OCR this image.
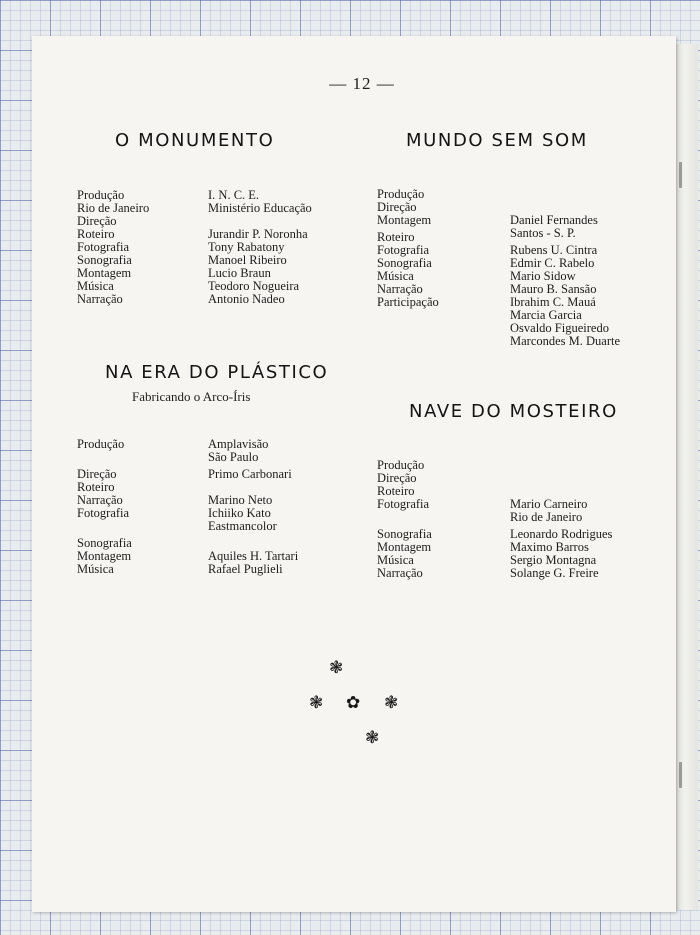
— 12 —
O MONUMENTO
Produção
Rio de Janeiro
Direção
Roteiro
Fotografia
Sonografia
Montagem
Música
Narração
I. N. C. E.
Ministério Educação
Jurandir P. Noronha
Tony Rabatony
Manoel Ribeiro
Lucio Braun
Teodoro Nogueira
Antonio Nadeo
MUNDO SEM SOM
Produção
Direção
Montagem
Roteiro
Fotografia
Sonografia
Música
Narração
Participação
Daniel Fernandes
Santos - S. P.
Rubens U. Cintra
Edmir C. Rabelo
Mario Sidow
Mauro B. Sansão
Ibrahim C. Mauá
Marcia Garcia
Osvaldo Figueiredo
Marcondes M. Duarte
NA ERA DO PLÁSTICO
Fabricando o Arco-Íris
Produção
Direção
Roteiro
Narração
Fotografia
Sonografia
Montagem
Música
Amplavisão
São Paulo
Primo Carbonari
Marino Neto
Ichiiko Kato
Eastmancolor
Aquiles H. Tartari
Rafael Puglieli
NAVE DO MOSTEIRO
Produção
Direção
Roteiro
Fotografia
Sonografia
Montagem
Música
Narração
Mario Carneiro
Rio de Janeiro
Leonardo Rodrigues
Maximo Barros
Sergio Montagna
Solange G. Freire
❃
❃ ✿ ❃
❃
